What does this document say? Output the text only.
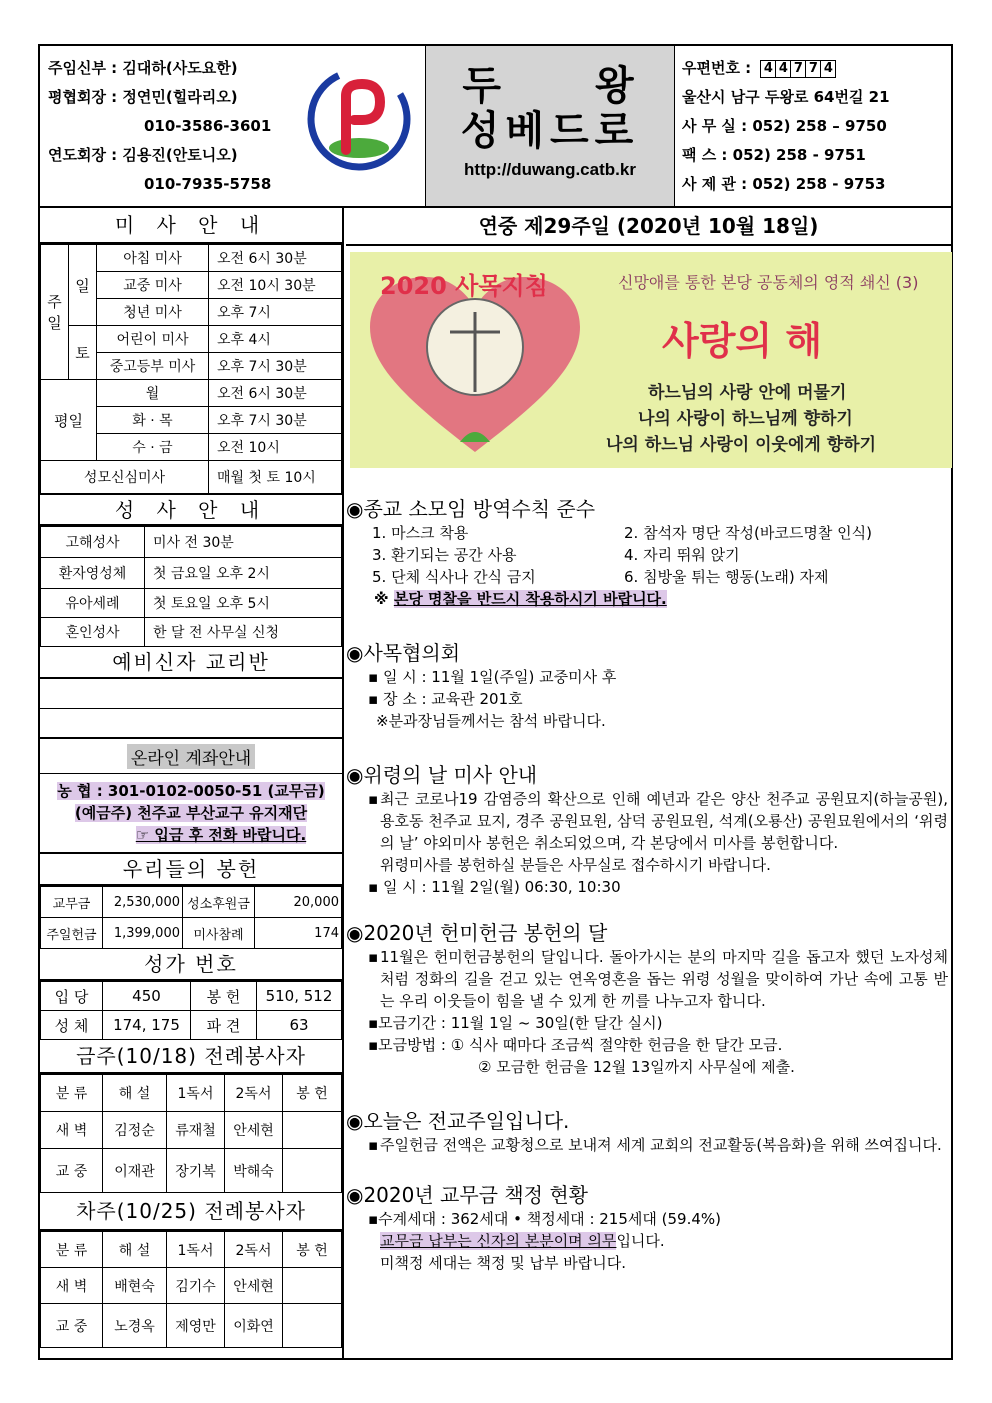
주임신부 : 김대하(사도요한)
평협회장 : 정연민(힐라리오)
010-3586-3601
연도회장 : 김용진(안토니오)
010-7935-5758
두 왕
성베드로
http://duwang.catb.kr
우편번호 : 4 4 7 7 4
울산시 남구 두왕로 64번길 21
사 무 실 : 052) 258 – 9750
팩 스 : 052) 258 - 9751
사 제 관 : 052) 258 - 9753
미 사 안 내
주일	일	아침 미사	오전 6시 30분
		교중 미사	오전 10시 30분
		청년 미사	오후 7시
	토	어린이 미사	오후 4시
		중고등부 미사	오후 7시 30분
평일		월	오전 6시 30분
		화 · 목	오후 7시 30분
		수 · 금	오전 10시
성모신심미사			매월 첫 토 10시
성 사 안 내
고해성사	미사 전 30분
환자영성체	첫 금요일 오후 2시
유아세례	첫 토요일 오후 5시
혼인성사	한 달 전 사무실 신청
예비신자 교리반
온라인 계좌안내
농 협 : 301-0102-0050-51 (교무금)
(예금주) 천주교 부산교구 유지재단
☞ 입금 후 전화 바랍니다.
우리들의 봉헌
교무금	2,530,000	성소후원금	20,000
주일헌금	1,399,000	미사참례	174
성가 번호
입 당	450	봉 헌	510, 512
성 체	174, 175	파 견	63
금주(10/18) 전례봉사자
분 류	해 설	1독서	2독서	봉 헌
새 벽	김정순	류재철	안세현	
교 중	이재관	장기복	박해숙	
차주(10/25) 전례봉사자
분 류	해 설	1독서	2독서	봉 헌
새 벽	배현숙	김기수	안세현	
교 중	노경옥	제영만	이화연	
연중 제29주일 (2020년 10월 18일)
2020 사목지침	신망애를 통한 본당 공동체의 영적 쇄신 (3)
사랑의 해
하느님의 사랑 안에 머물기
나의 사랑이 하느님께 향하기
나의 하느님 사랑이 이웃에게 향하기
◉종교 소모임 방역수칙 준수
1. 마스크 착용	2. 참석자 명단 작성(바코드명찰 인식)
3. 환기되는 공간 사용	4. 자리 뛰워 앉기
5. 단체 식사나 간식 금지	6. 침방울 튀는 행동(노래) 자제
※ 본당 명찰을 반드시 착용하시기 바랍니다.
◉사목협의회
▪ 일 시 : 11월 1일(주일) 교중미사 후
▪ 장 소 : 교육관 201호
※분과장님들께서는 참석 바랍니다.
◉위령의 날 미사 안내
▪ 최근 코로나19 감염증의 확산으로 인해 예년과 같은 양산 천주교 공원묘지(하늘공원), 용호동 천주교 묘지, 경주 공원묘원, 삼덕 공원묘원, 석계(오룡산) 공원묘원에서의 ‘위령의 날’ 야외미사 봉헌은 취소되었으며, 각 본당에서 미사를 봉헌합니다.
위령미사를 봉헌하실 분들은 사무실로 접수하시기 바랍니다.
▪ 일 시 : 11월 2일(월) 06:30, 10:30
◉2020년 헌미헌금 봉헌의 달
▪ 11월은 헌미헌금봉헌의 달입니다. 돌아가시는 분의 마지막 길을 돕고자 했던 노자성체처럼 정화의 길을 걷고 있는 연옥영혼을 돕는 위령 성월을 맞이하여 가난 속에 고통 받는 우리 이웃들이 힘을 낼 수 있게 한 끼를 나누고자 합니다.
▪모금기간 : 11월 1일 ~ 30일(한 달간 실시)
▪모금방법 : ① 식사 때마다 조금씩 절약한 헌금을 한 달간 모금.
② 모금한 헌금을 12월 13일까지 사무실에 제출.
◉오늘은 전교주일입니다.
▪ 주일헌금 전액은 교황청으로 보내져 세계 교회의 전교활동(복음화)을 위해 쓰여집니다.
◉2020년 교무금 책정 현황
▪수계세대 : 362세대 • 책정세대 : 215세대 (59.4%)
교무금 납부는 신자의 본분이며 의무입니다.
미책정 세대는 책정 및 납부 바랍니다.
